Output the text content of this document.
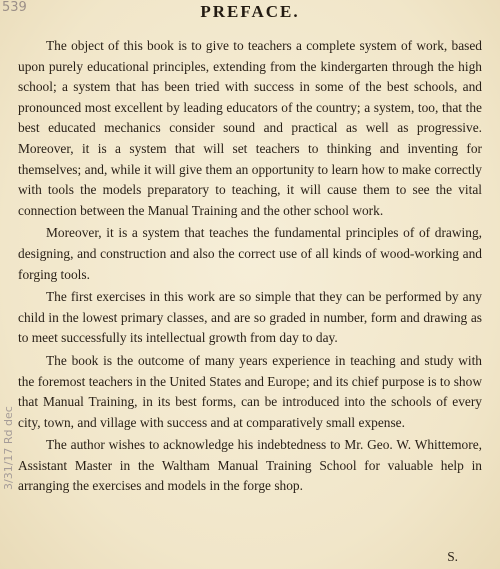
539	PREFACE.

The object of this book is to give to teachers a complete system of work, based upon purely educational principles, extending from the kindergarten through the high school; a system that has been tried with success in some of the best schools, and pronounced most excellent by leading educators of the country; a system, too, that the best educated mechanics consider sound and practical as well as progressive. Moreover, it is a system that will set teachers to thinking and inventing for themselves; and, while it will give them an opportunity to learn how to make correctly with tools the models preparatory to teaching, it will cause them to see the vital connection between the Manual Training and the other school work.

Moreover, it is a system that teaches the fundamental principles of of drawing, designing, and construction and also the correct use of all kinds of wood-working and forging tools.

The first exercises in this work are so simple that they can be performed by any child in the lowest primary classes, and are so graded in number, form and drawing as to meet successfully its intellectual growth from day to day.

The book is the outcome of many years experience in teaching and study with the foremost teachers in the United States and Europe; and its chief purpose is to show that Manual Training, in its best forms, can be introduced into the schools of every city, town, and village with success and at comparatively small expense.

The author wishes to acknowledge his indebtedness to Mr. Geo. W. Whittemore, Assistant Master in the Waltham Manual Training School for valuable help in arranging the exercises and models in the forge shop.

3/31/17 Rd dec
S.
